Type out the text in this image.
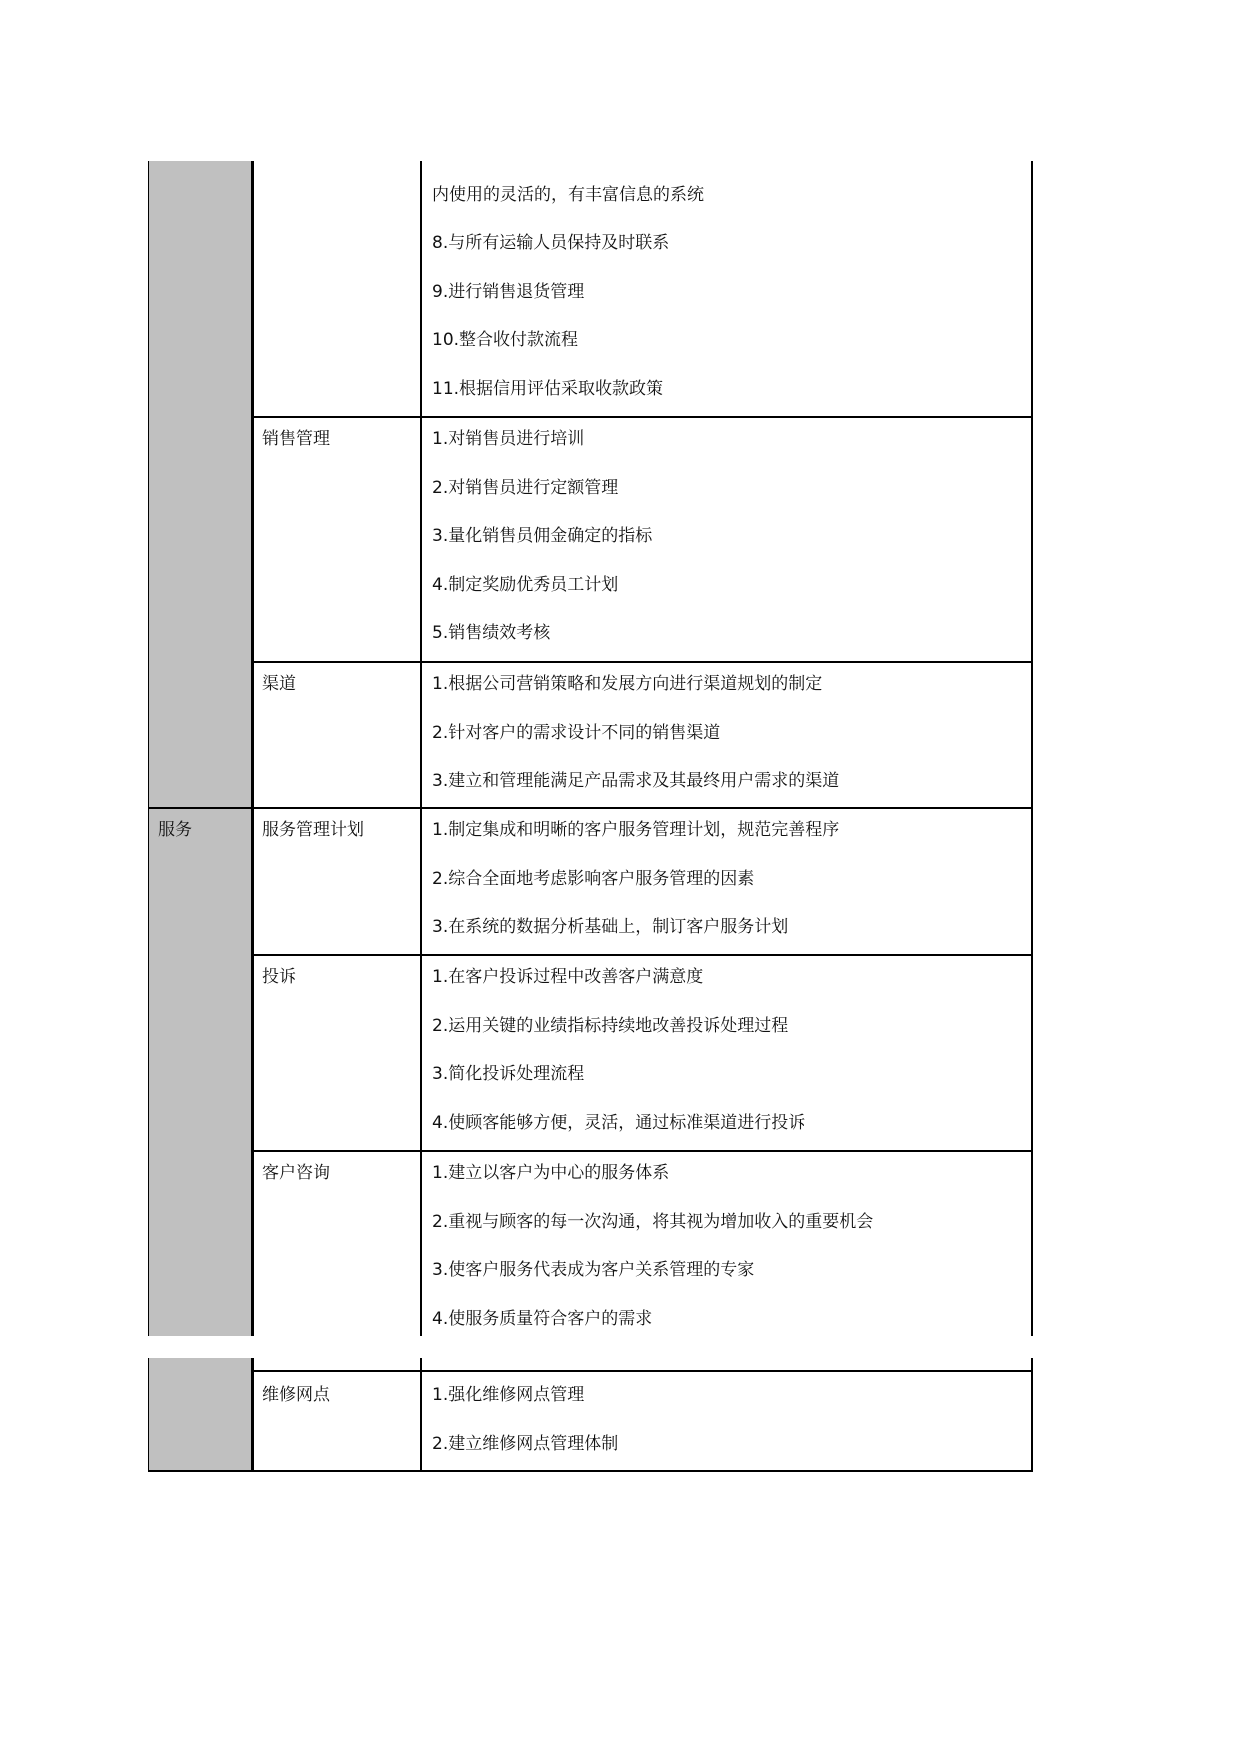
内使用的灵活的，有丰富信息的系统
8.与所有运输人员保持及时联系
9.进行销售退货管理
10.整合收付款流程
11.根据信用评估采取收款政策
销售管理	1.对销售员进行培训
2.对销售员进行定额管理
3.量化销售员佣金确定的指标
4.制定奖励优秀员工计划
5.销售绩效考核
渠道	1.根据公司营销策略和发展方向进行渠道规划的制定
2.针对客户的需求设计不同的销售渠道
3.建立和管理能满足产品需求及其最终用户需求的渠道
服务	服务管理计划	1.制定集成和明晰的客户服务管理计划，规范完善程序
2.综合全面地考虑影响客户服务管理的因素
3.在系统的数据分析基础上，制订客户服务计划
投诉	1.在客户投诉过程中改善客户满意度
2.运用关键的业绩指标持续地改善投诉处理过程
3.简化投诉处理流程
4.使顾客能够方便，灵活，通过标准渠道进行投诉
客户咨询	1.建立以客户为中心的服务体系
2.重视与顾客的每一次沟通，将其视为增加收入的重要机会
3.使客户服务代表成为客户关系管理的专家
4.使服务质量符合客户的需求
维修网点	1.强化维修网点管理
2.建立维修网点管理体制
